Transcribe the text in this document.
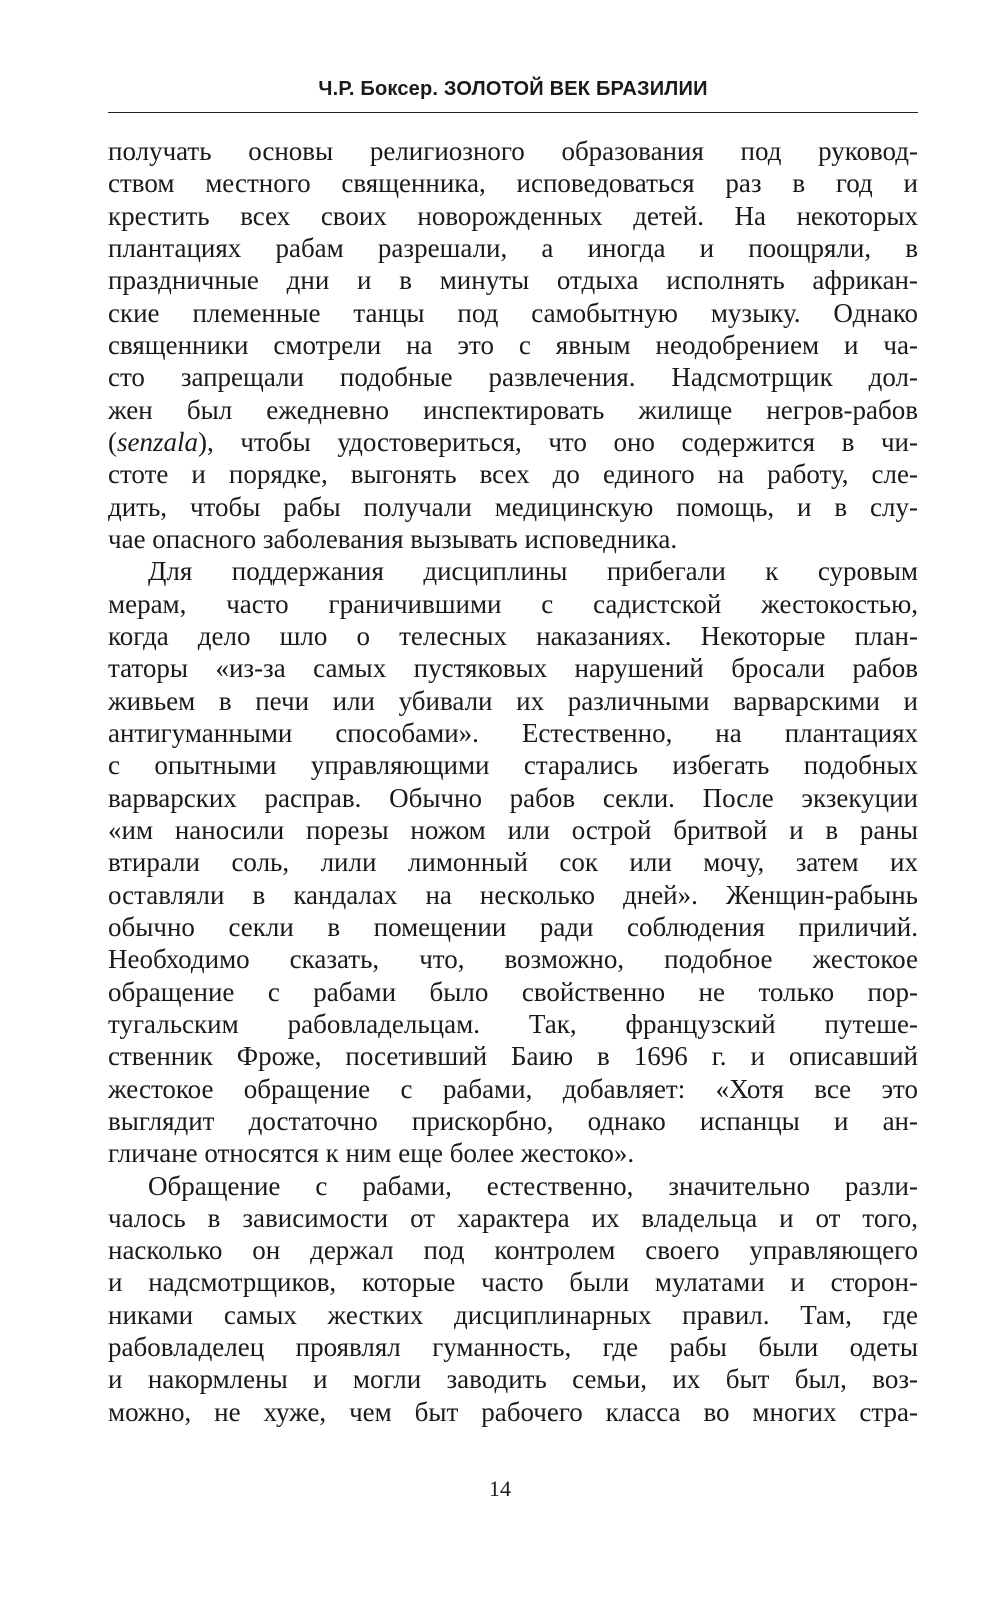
Ч.Р. Боксер. ЗОЛОТОЙ ВЕК БРАЗИЛИИ
получать основы религиозного образования под руковод-
ством местного священника, исповедоваться раз в год и
крестить всех своих новорожденных детей. На некоторых
плантациях рабам разрешали, а иногда и поощряли, в
праздничные дни и в минуты отдыха исполнять африкан-
ские племенные танцы под самобытную музыку. Однако
священники смотрели на это с явным неодобрением и ча-
сто запрещали подобные развлечения. Надсмотрщик дол-
жен был ежедневно инспектировать жилище негров-рабов
(senzala), чтобы удостовериться, что оно содержится в чи-
стоте и порядке, выгонять всех до единого на работу, сле-
дить, чтобы рабы получали медицинскую помощь, и в слу-
чае опасного заболевания вызывать исповедника.
Для поддержания дисциплины прибегали к суровым
мерам, часто граничившими с садистской жестокостью,
когда дело шло о телесных наказаниях. Некоторые план-
таторы «из-за самых пустяковых нарушений бросали рабов
живьем в печи или убивали их различными варварскими и
антигуманными способами». Естественно, на плантациях
с опытными управляющими старались избегать подобных
варварских расправ. Обычно рабов секли. После экзекуции
«им наносили порезы ножом или острой бритвой и в раны
втирали соль, лили лимонный сок или мочу, затем их
оставляли в кандалах на несколько дней». Женщин-рабынь
обычно секли в помещении ради соблюдения приличий.
Необходимо сказать, что, возможно, подобное жестокое
обращение с рабами было свойственно не только пор-
тугальским рабовладельцам. Так, французский путеше-
ственник Фроже, посетивший Баию в 1696 г. и описавший
жестокое обращение с рабами, добавляет: «Хотя все это
выглядит достаточно прискорбно, однако испанцы и ан-
гличане относятся к ним еще более жестоко».
Обращение с рабами, естественно, значительно разли-
чалось в зависимости от характера их владельца и от того,
насколько он держал под контролем своего управляющего
и надсмотрщиков, которые часто были мулатами и сторон-
никами самых жестких дисциплинарных правил. Там, где
рабовладелец проявлял гуманность, где рабы были одеты
и накормлены и могли заводить семьи, их быт был, воз-
можно, не хуже, чем быт рабочего класса во многих стра-
14
